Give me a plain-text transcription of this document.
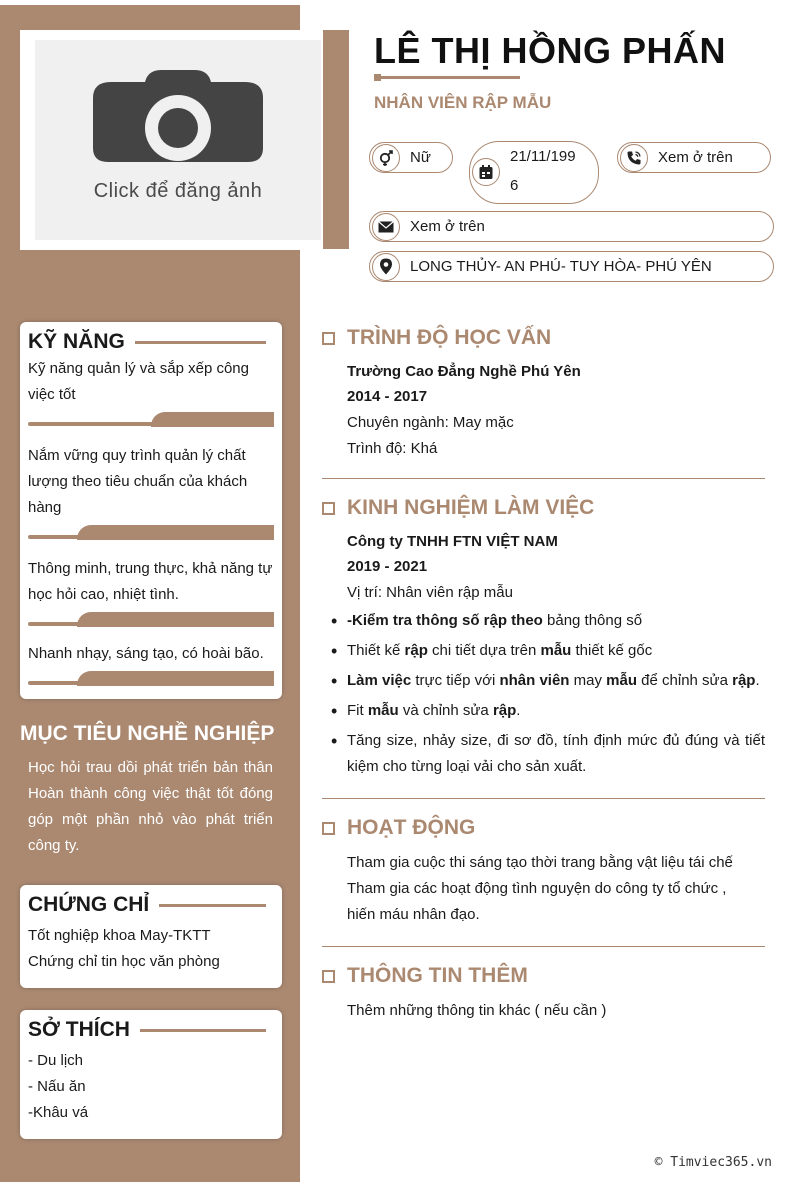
Click để đăng ảnh
LÊ THỊ HỒNG PHẤN
NHÂN VIÊN RẬP MẪU
Nữ	21/11/199
6
Xem ở trên
Xem ở trên
LONG THỦY- AN PHÚ- TUY HÒA- PHÚ YÊN
KỸ NĂNG

Kỹ năng quản lý và sắp xếp công việc tốt

Nắm vững quy trình quản lý chất lượng theo tiêu chuẩn của khách hàng

Thông minh, trung thực, khả năng tự học hỏi cao, nhiệt tình.

Nhanh nhạy, sáng tạo, có hoài bão.

MỤC TIÊU NGHỀ NGHIỆP
Học hỏi trau dồi phát triển bản thân Hoàn thành công việc thật tốt đóng góp một phần nhỏ vào phát triển công ty.
CHỨNG CHỈ

Tốt nghiệp khoa May-TKTT

Chứng chỉ tin học văn phòng

SỞ THÍCH

- Du lịch

- Nấu ăn

-Khâu vá

TRÌNH ĐỘ HỌC VẤN
Trường Cao Đẳng Nghề Phú Yên
2014 - 2017
Chuyên ngành: May mặc
Trình độ: Khá
KINH NGHIỆM LÀM VIỆC
Công ty TNHH FTN VIỆT NAM
2019 - 2021
Vị trí: Nhân viên rập mẫu
• -Kiểm tra thông số rập theo bảng thông số
• Thiết kế rập chi tiết dựa trên mẫu thiết kế gốc
• Làm việc trực tiếp với nhân viên may mẫu để chỉnh sửa rập.
• Fit mẫu và chỉnh sửa rập.
• Tăng size, nhảy size, đi sơ đồ, tính định mức đủ đúng và tiết kiệm cho từng loại vải cho sản xuất.
HOẠT ĐỘNG
Tham gia cuộc thi sáng tạo thời trang bằng vật liệu tái chế
Tham gia các hoạt động tình nguyện do công ty tổ chức , hiến máu nhân đạo.
THÔNG TIN THÊM
Thêm những thông tin khác ( nếu cần )
© Timviec365.vn
